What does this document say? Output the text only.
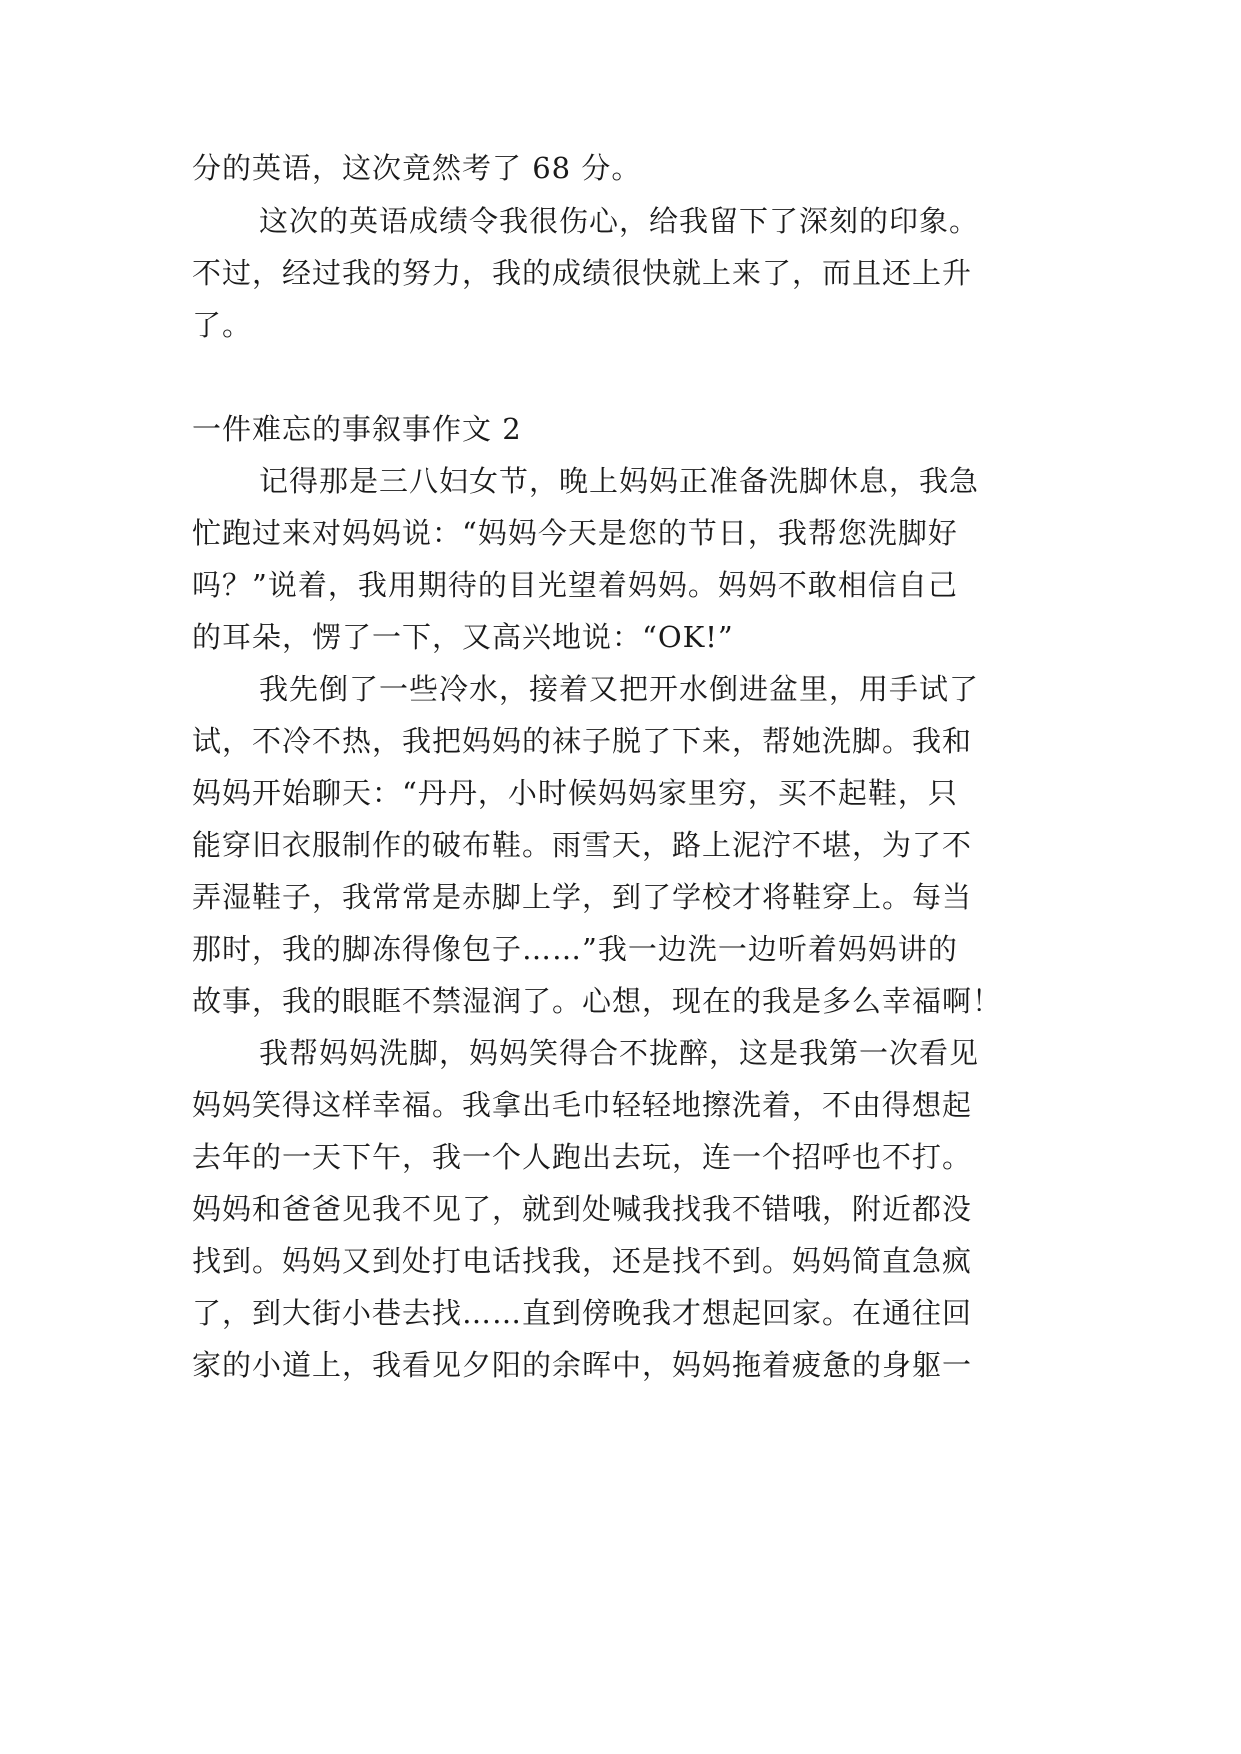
分的英语，这次竟然考了 68 分。
这次的英语成绩令我很伤心，给我留下了深刻的印象。
不过，经过我的努力，我的成绩很快就上来了，而且还上升
了。
一件难忘的事叙事作文 2
记得那是三八妇女节，晚上妈妈正准备洗脚休息，我急
忙跑过来对妈妈说：“妈妈今天是您的节日，我帮您洗脚好
吗？”说着，我用期待的目光望着妈妈。妈妈不敢相信自己
的耳朵，愣了一下，又高兴地说：“OK!”
我先倒了一些冷水，接着又把开水倒进盆里，用手试了
试，不冷不热，我把妈妈的袜子脱了下来，帮她洗脚。我和
妈妈开始聊天：“丹丹，小时候妈妈家里穷，买不起鞋，只
能穿旧衣服制作的破布鞋。雨雪天，路上泥泞不堪，为了不
弄湿鞋子，我常常是赤脚上学，到了学校才将鞋穿上。每当
那时，我的脚冻得像包子……”我一边洗一边听着妈妈讲的
故事，我的眼眶不禁湿润了。心想，现在的我是多么幸福啊！
我帮妈妈洗脚，妈妈笑得合不拢醉，这是我第一次看见
妈妈笑得这样幸福。我拿出毛巾轻轻地擦洗着，不由得想起
去年的一天下午，我一个人跑出去玩，连一个招呼也不打。
妈妈和爸爸见我不见了，就到处喊我找我不错哦，附近都没
找到。妈妈又到处打电话找我，还是找不到。妈妈简直急疯
了，到大街小巷去找……直到傍晚我才想起回家。在通往回
家的小道上，我看见夕阳的余晖中，妈妈拖着疲惫的身躯一
